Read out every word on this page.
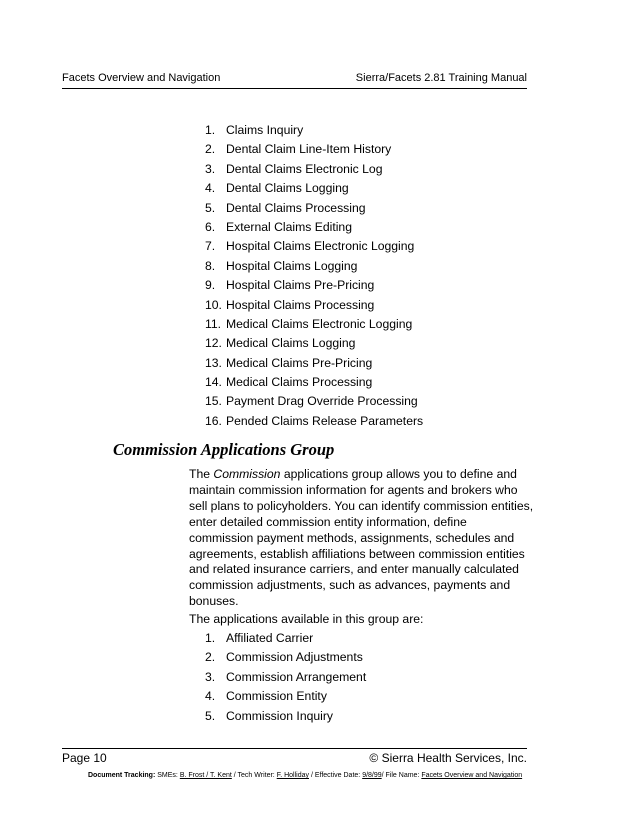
Facets Overview and Navigation	Sierra/Facets 2.81 Training Manual
1. Claims Inquiry
2. Dental Claim Line-Item History
3. Dental Claims Electronic Log
4. Dental Claims Logging
5. Dental Claims Processing
6. External Claims Editing
7. Hospital Claims Electronic Logging
8. Hospital Claims Logging
9. Hospital Claims Pre-Pricing
10. Hospital Claims Processing
11. Medical Claims Electronic Logging
12. Medical Claims Logging
13. Medical Claims Pre-Pricing
14. Medical Claims Processing
15. Payment Drag Override Processing
16. Pended Claims Release Parameters
Commission Applications Group

The Commission applications group allows you to define and maintain commission information for agents and brokers who sell plans to policyholders. You can identify commission entities, enter detailed commission entity information, define commission payment methods, assignments, schedules and agreements, establish affiliations between commission entities and related insurance carriers, and enter manually calculated commission adjustments, such as advances, payments and bonuses.

The applications available in this group are:

1. Affiliated Carrier
2. Commission Adjustments
3. Commission Arrangement
4. Commission Entity
5. Commission Inquiry
Page 10	© Sierra Health Services, Inc.
Document Tracking: SMEs: B. Frost / T. Kent / Tech Writer: F. Holliday / Effective Date: 9/8/99/ File Name: Facets Overview and Navigation
